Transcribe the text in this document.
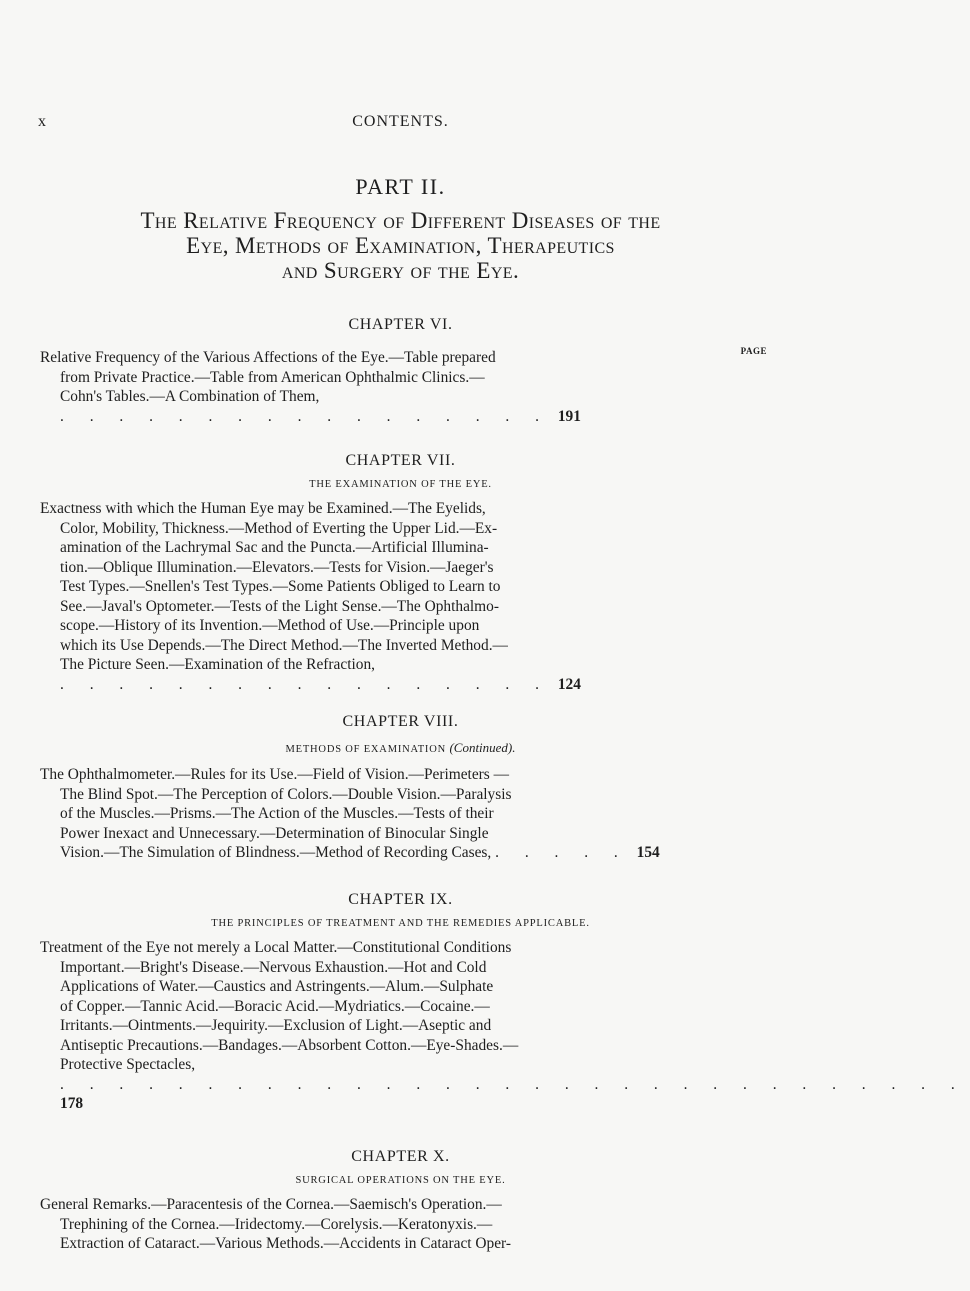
x	CONTENTS.
PART II.
The Relative Frequency of Different Diseases of the
Eye, Methods of Examination, Therapeutics
and Surgery of the Eye.
CHAPTER VI.
PAGE
Relative Frequency of the Various Affections of the Eye.—Table prepared
from Private Practice.—Table from American Ophthalmic Clinics.—
Cohn's Tables.—A Combination of Them, . . . . . . . . . . . . . . . . . 191
CHAPTER VII.
THE EXAMINATION OF THE EYE.
Exactness with which the Human Eye may be Examined.—The Eyelids,
Color, Mobility, Thickness.—Method of Everting the Upper Lid.—Ex-
amination of the Lachrymal Sac and the Puncta.—Artificial Illumina-
tion.—Oblique Illumination.—Elevators.—Tests for Vision.—Jaeger's
Test Types.—Snellen's Test Types.—Some Patients Obliged to Learn to
See.—Javal's Optometer.—Tests of the Light Sense.—The Ophthalmo-
scope.—History of its Invention.—Method of Use.—Principle upon
which its Use Depends.—The Direct Method.—The Inverted Method.—
The Picture Seen.—Examination of the Refraction, . . . . . . . . . . . . . . . . . 124
CHAPTER VIII.
METHODS OF EXAMINATION (Continued).
The Ophthalmometer.—Rules for its Use.—Field of Vision.—Perimeters —
The Blind Spot.—The Perception of Colors.—Double Vision.—Paralysis
of the Muscles.—Prisms.—The Action of the Muscles.—Tests of their
Power Inexact and Unnecessary.—Determination of Binocular Single
Vision.—The Simulation of Blindness.—Method of Recording Cases, . . . . . 154
CHAPTER IX.
THE PRINCIPLES OF TREATMENT AND THE REMEDIES APPLICABLE.
Treatment of the Eye not merely a Local Matter.—Constitutional Conditions
Important.—Bright's Disease.—Nervous Exhaustion.—Hot and Cold
Applications of Water.—Caustics and Astringents.—Alum.—Sulphate
of Copper.—Tannic Acid.—Boracic Acid.—Mydriatics.—Cocaine.—
Irritants.—Ointments.—Jequirity.—Exclusion of Light.—Aseptic and
Antiseptic Precautions.—Bandages.—Absorbent Cotton.—Eye-Shades.—
Protective Spectacles, . . . . . . . . . . . . . . . . . . . . . . . . . . . . . . . 178
CHAPTER X.
SURGICAL OPERATIONS ON THE EYE.
General Remarks.—Paracentesis of the Cornea.—Saemisch's Operation.—
Trephining of the Cornea.—Iridectomy.—Corelysis.—Keratonyxis.—
Extraction of Cataract.—Various Methods.—Accidents in Cataract Oper-
